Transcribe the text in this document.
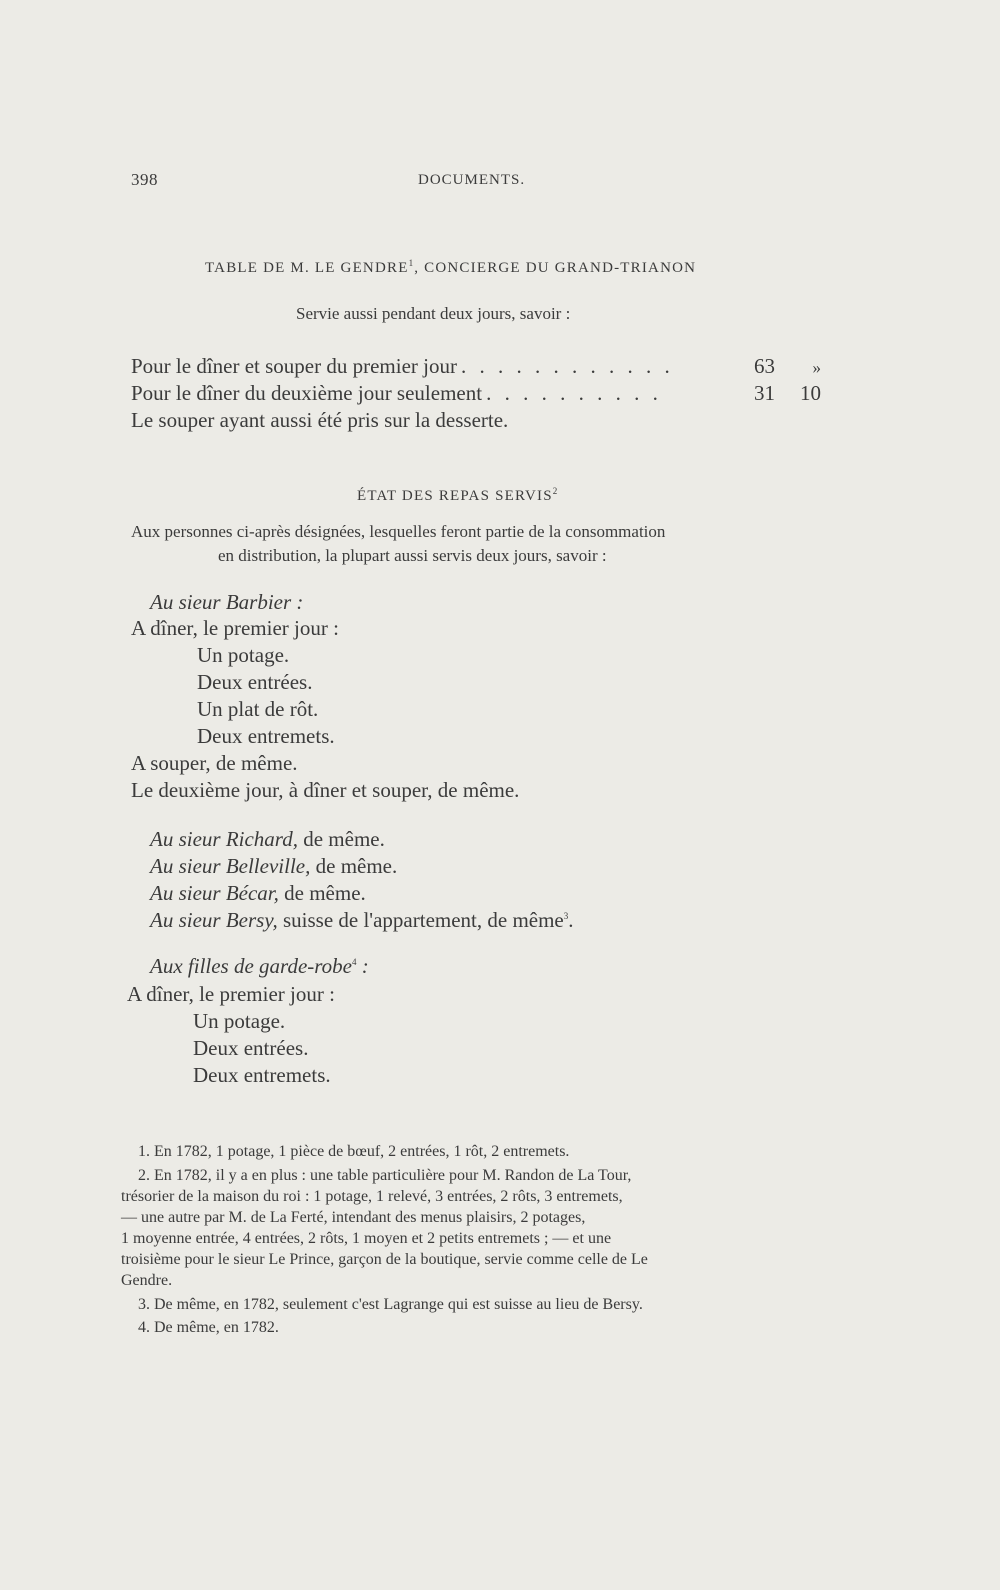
398	DOCUMENTS.
TABLE DE M. LE GENDRE$^1$, CONCIERGE DU GRAND-TRIANON
Servie aussi pendant deux jours, savoir :
Pour le dîner et souper du premier jour . . . . . . . . . . . .	63	»
Pour le dîner du deuxième jour seulement . . . . . . . . . .	31	10
Le souper ayant aussi été pris sur la desserte.
ÉTAT DES REPAS SERVIS$^2$
Aux personnes ci-après désignées, lesquelles feront partie de la consommation
en distribution, la plupart aussi servis deux jours, savoir :
Au sieur Barbier :
A dîner, le premier jour :
Un potage.
Deux entrées.
Un plat de rôt.
Deux entremets.
A souper, de même.
Le deuxième jour, à dîner et souper, de même.
Au sieur Richard, de même.
Au sieur Belleville, de même.
Au sieur Bécar, de même.
Au sieur Bersy, suisse de l'appartement, de même$^3$.
Aux filles de garde-robe$^4$ :
A dîner, le premier jour :
Un potage.
Deux entrées.
Deux entremets.
1. En 1782, 1 potage, 1 pièce de bœuf, 2 entrées, 1 rôt, 2 entremets.
2. En 1782, il y a en plus : une table particulière pour M. Randon de La Tour,
trésorier de la maison du roi : 1 potage, 1 relevé, 3 entrées, 2 rôts, 3 entremets,
— une autre par M. de La Ferté, intendant des menus plaisirs, 2 potages,
1 moyenne entrée, 4 entrées, 2 rôts, 1 moyen et 2 petits entremets ; — et une
troisième pour le sieur Le Prince, garçon de la boutique, servie comme celle de Le
Gendre.
3. De même, en 1782, seulement c'est Lagrange qui est suisse au lieu de Bersy.
4. De même, en 1782.
